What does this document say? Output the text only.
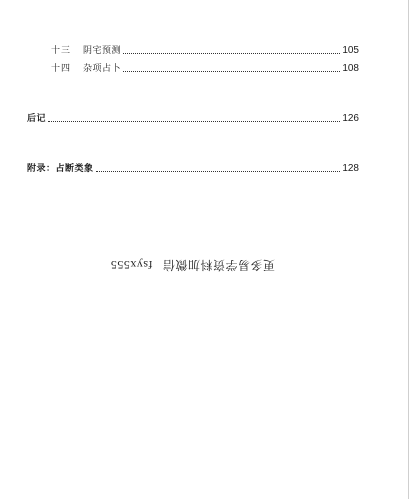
十三 阴宅预测	105
十四 杂项占卜	108
后记	126
附录：占断类象	128
更多易学资料加微信fsyx555
